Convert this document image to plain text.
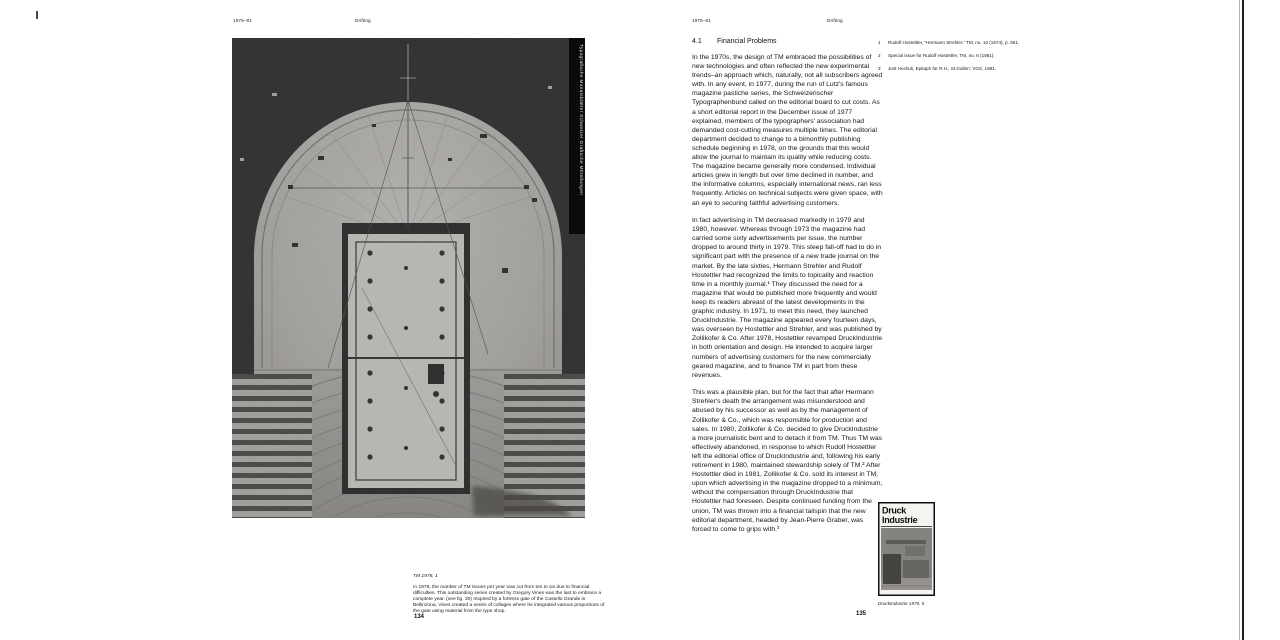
1975–81	Drifting
Typografische Monatsblätter Schweizer Grafische Mitteilungen
TM 1978, 1
In 1978, the number of TM issues per year was cut from ten to six due to financial difficulties. This outstanding series created by Gregory Vines was the last to embrace a complete year. (see fig. 30) Inspired by a fortress gate of the Castello Grande in Bellinzona, Vines created a series of collages where he integrated various proportions of the gate using material from the type shop.
134
1975–81	Drifting
4.1 Financial Problems

In the 1970s, the design of TM embraced the possibilities of new technologies and often reflected the new experimental trends–an approach which, naturally, not all subscribers agreed with. In any event, in 1977, during the run of Lutz's famous magazine pastiche series, the Schweizerischer Typographenbund called on the editorial board to cut costs. As a short editorial report in the December issue of 1977 explained, members of the typographers' association had demanded cost-cutting measures multiple times. The editorial department decided to change to a bimonthly publishing schedule beginning in 1978, on the grounds that this would allow the journal to maintain its quality while reducing costs. The magazine became generally more condensed. Individual articles grew in length but over time declined in number, and the informative columns, especially international news, ran less frequently. Articles on technical subjects were given space, with an eye to securing faithful advertising customers.

In fact advertising in TM decreased markedly in 1979 and 1980, however. Whereas through 1973 the magazine had carried some sixty advertisements per issue, the number dropped to around thirty in 1979. This steep fall-off had to do in significant part with the presence of a new trade journal on the market. By the late sixties, Hermann Strehler and Rudolf Hostettler had recognized the limits to topicality and reaction time in a monthly journal.¹ They discussed the need for a magazine that would be published more frequently and would keep its readers abreast of the latest developments in the graphic industry. In 1971, to meet this need, they launched DruckIndustrie. The magazine appeared every fourteen days, was overseen by Hostettler and Strehler, and was published by Zollikofer & Co. After 1978, Hostettler revamped DruckIndustrie in both orientation and design. He intended to acquire larger numbers of advertising customers for the new commercially geared magazine, and to finance TM in part from these revenues.

This was a plausible plan, but for the fact that after Hermann Strehler's death the arrangement was misunderstood and abused by his successor as well as by the management of Zollikofer & Co., which was responsible for production and sales. In 1980, Zollikofer & Co. decided to give DruckIndustrie a more journalistic bent and to detach it from TM. Thus TM was effectively abandoned, in response to which Rudolf Hostettler left the editorial office of DruckIndustrie and, following his early retirement in 1980, maintained stewardship solely of TM.² After Hostettler died in 1981, Zollikofer & Co. sold its interest in TM, upon which advertising in the magazine dropped to a minimum, without the compensation through DruckIndustrie that Hostettler had foreseen. Despite continued funding from the union, TM was thrown into a financial tailspin that the new editorial department, headed by Jean-Pierre Graber, was forced to come to grips with.³

1	Rudolf Hostettler, “Hermann Strehler,” TM, no. 10 (1974), p. 661.
2	Special issue for Rudolf Hostettler, TM, no. 6 (1981).
3	Jost Hochuli, Epitaph für R.H., St.Gallen: VGS, 1981.
Druck
Industrie
DruckIndustrie 1979, 5
135
